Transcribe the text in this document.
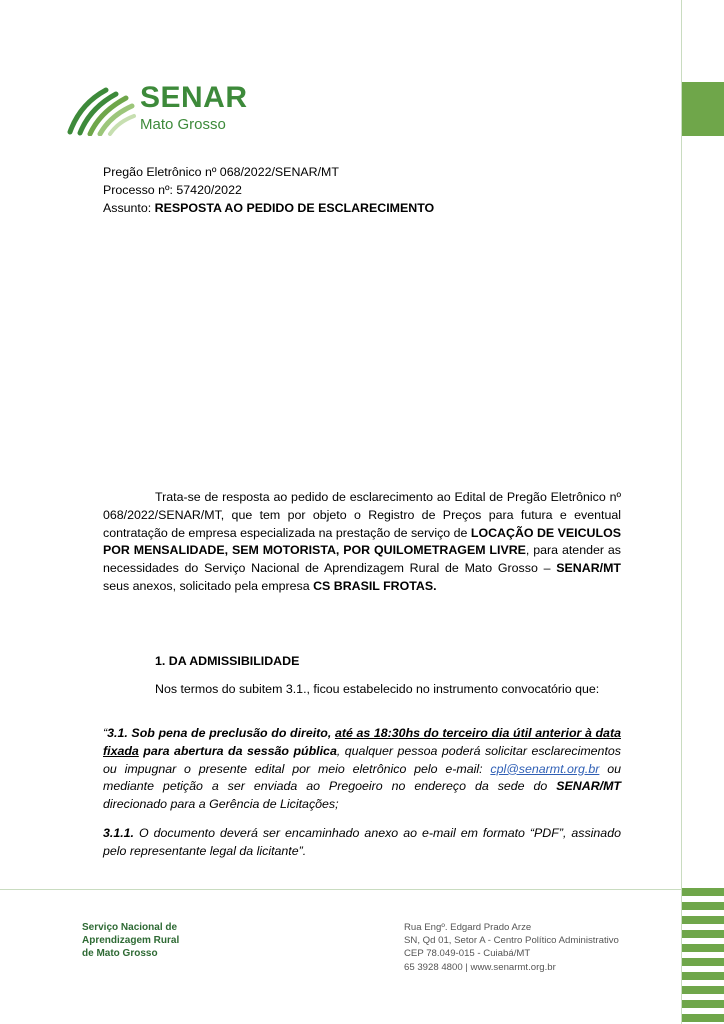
SENAR
Mato Grosso
Pregão Eletrônico nº 068/2022/SENAR/MT
Processo nº: 57420/2022
Assunto: RESPOSTA AO PEDIDO DE ESCLARECIMENTO
Trata-se de resposta ao pedido de esclarecimento ao Edital de Pregão Eletrônico nº 068/2022/SENAR/MT, que tem por objeto o Registro de Preços para futura e eventual contratação de empresa especializada na prestação de serviço de LOCAÇÃO DE VEICULOS POR MENSALIDADE, SEM MOTORISTA, POR QUILOMETRAGEM LIVRE, para atender as necessidades do Serviço Nacional de Aprendizagem Rural de Mato Grosso – SENAR/MT seus anexos, solicitado pela empresa CS BRASIL FROTAS.
1. DA ADMISSIBILIDADE
Nos termos do subitem 3.1., ficou estabelecido no instrumento convocatório que:
“3.1. Sob pena de preclusão do direito, até as 18:30hs do terceiro dia útil anterior à data fixada para abertura da sessão pública, qualquer pessoa poderá solicitar esclarecimentos ou impugnar o presente edital por meio eletrônico pelo e-mail: cpl@senarmt.org.br ou mediante petição a ser enviada ao Pregoeiro no endereço da sede do SENAR/MT direcionado para a Gerência de Licitações;
3.1.1. O documento deverá ser encaminhado anexo ao e-mail em formato “PDF”, assinado pelo representante legal da licitante”.
Serviço Nacional de
Aprendizagem Rural
de Mato Grosso
Rua Engº. Edgard Prado Arze
SN, Qd 01, Setor A - Centro Político Administrativo
CEP 78.049-015 - Cuiabá/MT
65 3928 4800 | www.senarmt.org.br
